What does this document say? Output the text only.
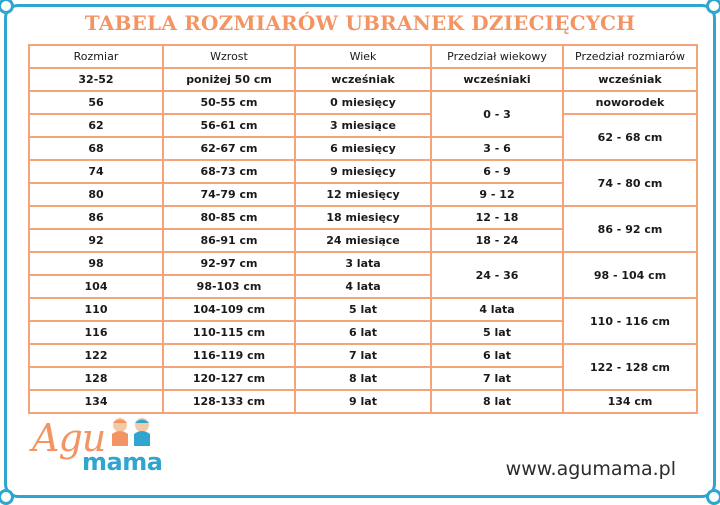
TABELA ROZMIARÓW UBRANEK DZIECIĘCYCH
Rozmiar	Wzrost	Wiek	Przedział wiekowy	Przedział rozmiarów
32-52	poniżej 50 cm	wcześniak	wcześniaki	wcześniak
56	50-55 cm	0 miesięcy	0 - 3	noworodek
62	56-61 cm	3 miesiące		62 - 68 cm
68	62-67 cm	6 miesięcy	3 - 6	
74	68-73 cm	9 miesięcy	6 - 9	74 - 80 cm
80	74-79 cm	12 miesięcy	9 - 12	
86	80-85 cm	18 miesięcy	12 - 18	86 - 92 cm
92	86-91 cm	24 miesiące	18 - 24	
98	92-97 cm	3 lata	24 - 36	98 - 104 cm
104	98-103 cm	4 lata		
110	104-109 cm	5 lat	4 lata	110 - 116 cm
116	110-115 cm	6 lat	5 lat	
122	116-119 cm	7 lat	6 lat	122 - 128 cm
128	120-127 cm	8 lat	7 lat	
134	128-133 cm	9 lat	8 lat	134 cm
Agu
mama	www.agumama.pl
